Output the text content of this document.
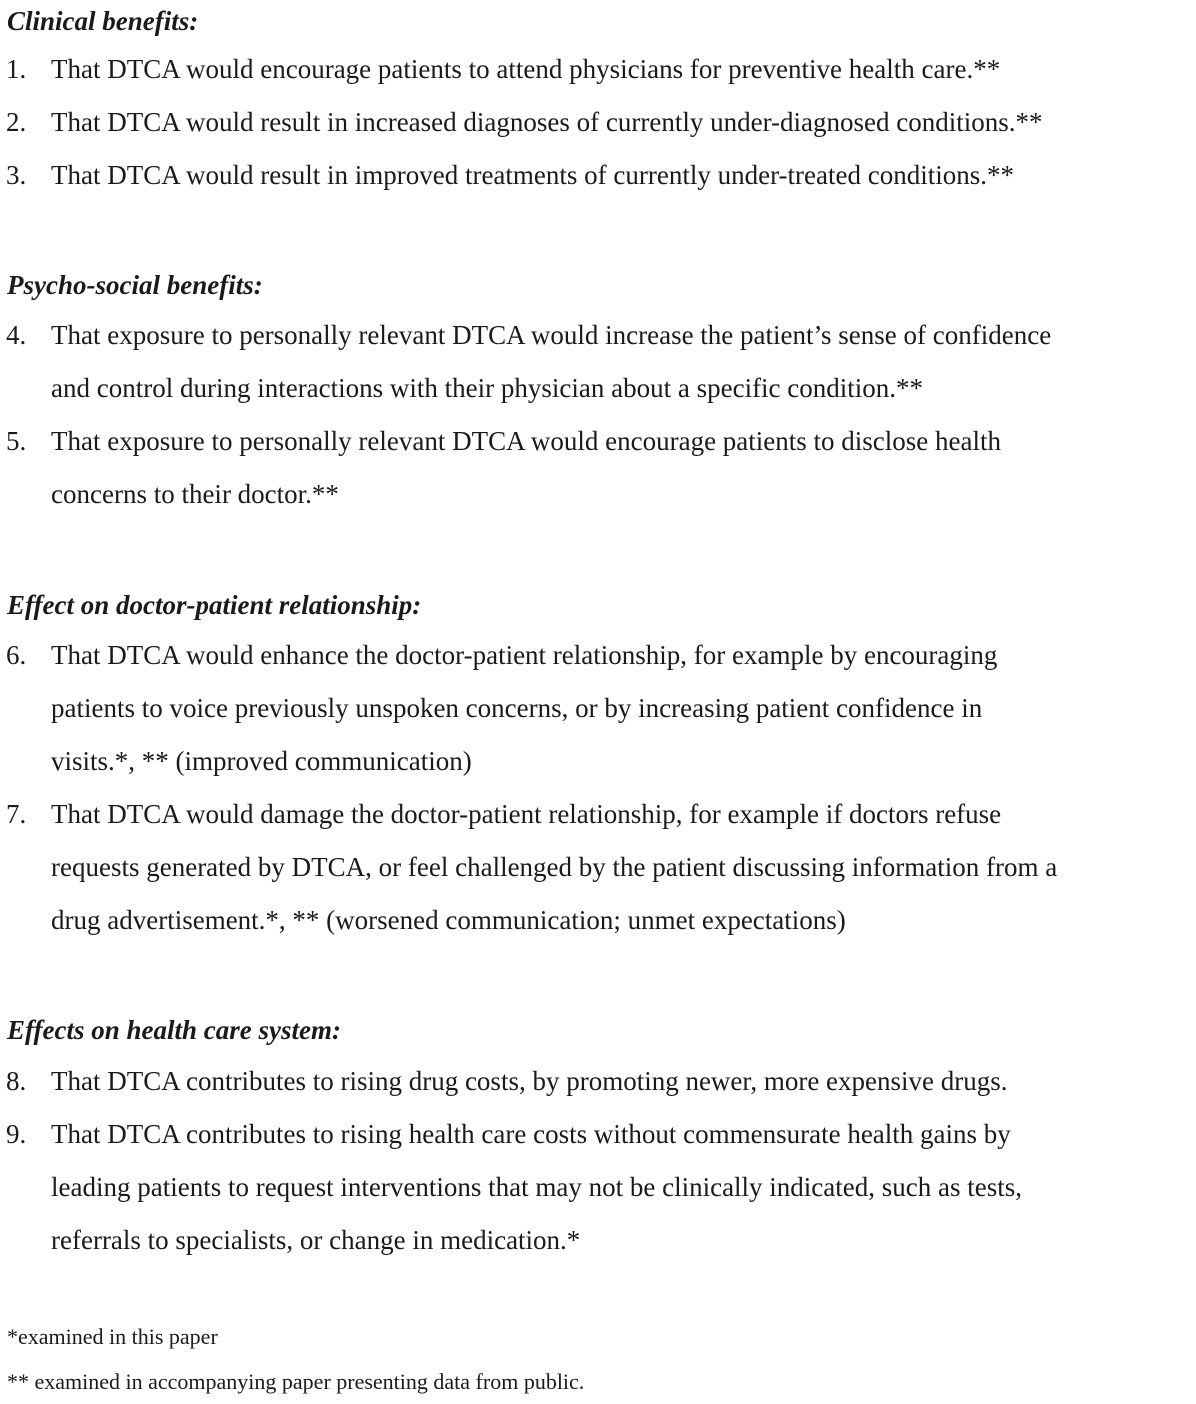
Clinical benefits:
1. That DTCA would encourage patients to attend physicians for preventive health care.**
2. That DTCA would result in increased diagnoses of currently under-diagnosed conditions.**
3. That DTCA would result in improved treatments of currently under-treated conditions.**
Psycho-social benefits:
4. That exposure to personally relevant DTCA would increase the patient’s sense of confidence
and control during interactions with their physician about a specific condition.**
5. That exposure to personally relevant DTCA would encourage patients to disclose health
concerns to their doctor.**
Effect on doctor-patient relationship:
6. That DTCA would enhance the doctor-patient relationship, for example by encouraging
patients to voice previously unspoken concerns, or by increasing patient confidence in
visits.*, ** (improved communication)
7. That DTCA would damage the doctor-patient relationship, for example if doctors refuse
requests generated by DTCA, or feel challenged by the patient discussing information from a
drug advertisement.*, ** (worsened communication; unmet expectations)
Effects on health care system:
8. That DTCA contributes to rising drug costs, by promoting newer, more expensive drugs.
9. That DTCA contributes to rising health care costs without commensurate health gains by
leading patients to request interventions that may not be clinically indicated, such as tests,
referrals to specialists, or change in medication.*
*examined in this paper
** examined in accompanying paper presenting data from public.
